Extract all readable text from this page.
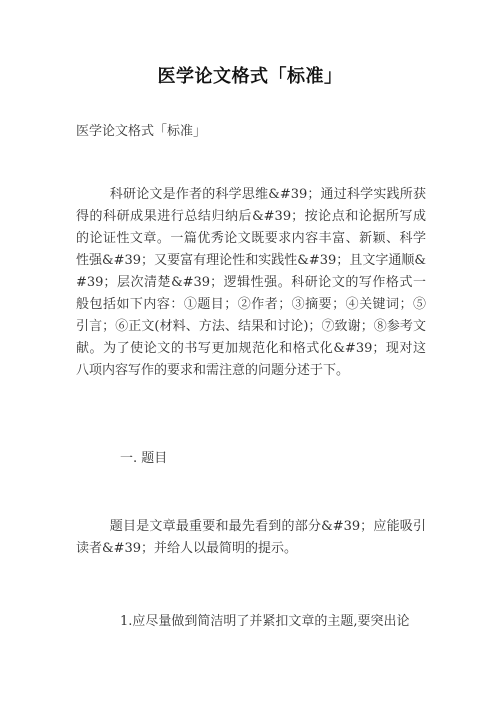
医学论文格式「标准」
医学论文格式「标准」

科研论文是作者的科学思维&#39；通过科学实践所获得的科研成果进行总结归纳后&#39；按论点和论据所写成的论证性文章。一篇优秀论文既要求内容丰富、新颖、科学性强&#39；又要富有理论性和实践性&#39；且文字通顺&#39；层次清楚&#39；逻辑性强。科研论文的写作格式一般包括如下内容：①题目；②作者；③摘要；④关键词；⑤引言；⑥正文(材料、方法、结果和讨论)；⑦致谢；⑧参考文献。为了使论文的书写更加规范化和格式化&#39；现对这八项内容写作的要求和需注意的问题分述于下。

一. 题目

题目是文章最重要和最先看到的部分&#39；应能吸引读者&#39；并给人以最简明的提示。

1.应尽量做到简洁明了并紧扣文章的主题,要突出论
